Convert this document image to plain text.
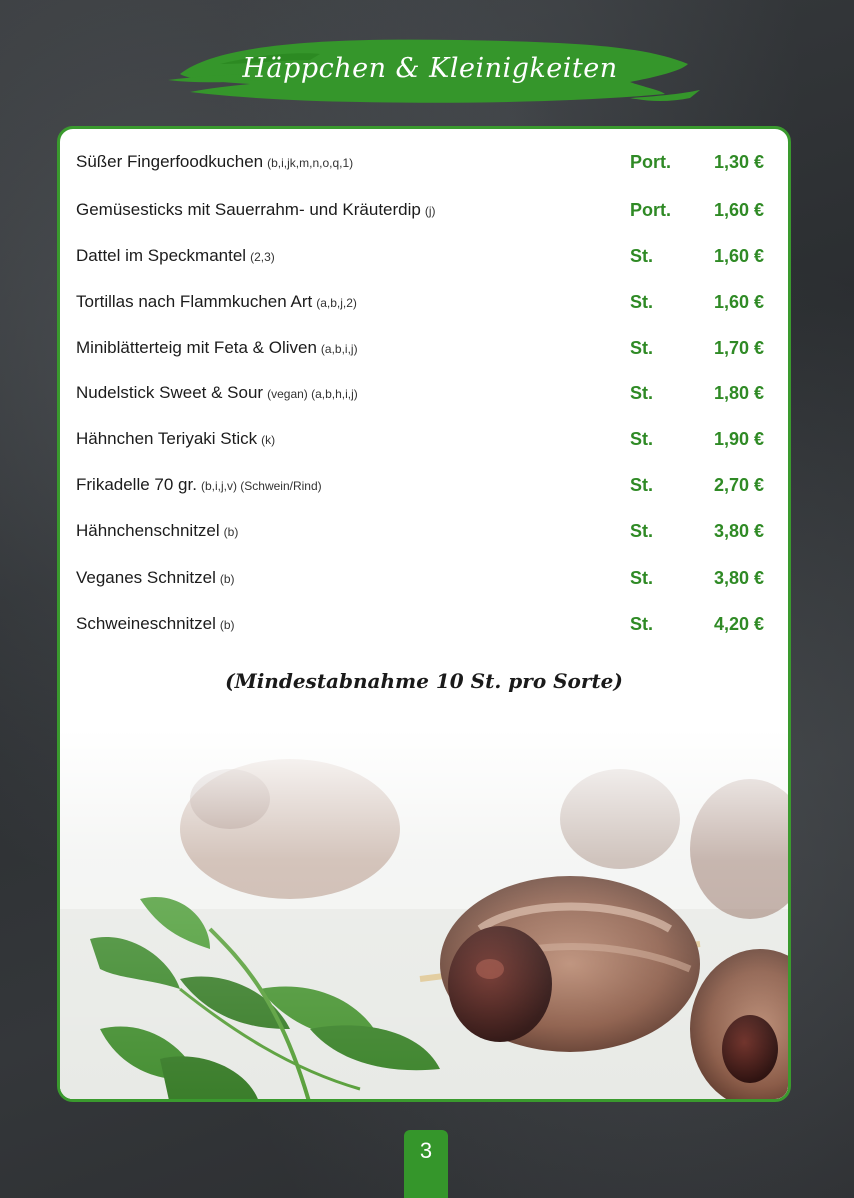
Häppchen & Kleinigkeiten
Süßer Fingerfoodkuchen (b,i,jk,m,n,o,q,1)	Port. 1,30 €
Gemüsesticks mit Sauerrahm- und Kräuterdip (j)	Port. 1,60 €
Dattel im Speckmantel (2,3)	St.	1,60 €
Tortillas nach Flammkuchen Art (a,b,j,2)	St.	1,60 €
Miniblätterteig mit Feta & Oliven (a,b,i,j)	St.	1,70 €
Nudelstick Sweet & Sour (vegan) (a,b,h,i,j)	St.	1,80 €
Hähnchen Teriyaki Stick (k)	St.	1,90 €
Frikadelle 70 gr. (b,i,j,v) (Schwein/Rind)	St.	2,70 €
Hähnchenschnitzel (b)	St.	3,80 €
Veganes Schnitzel (b)	St.	3,80 €
Schweineschnitzel (b)	St.	4,20 €
(Mindestabnahme 10 St. pro Sorte)
3
